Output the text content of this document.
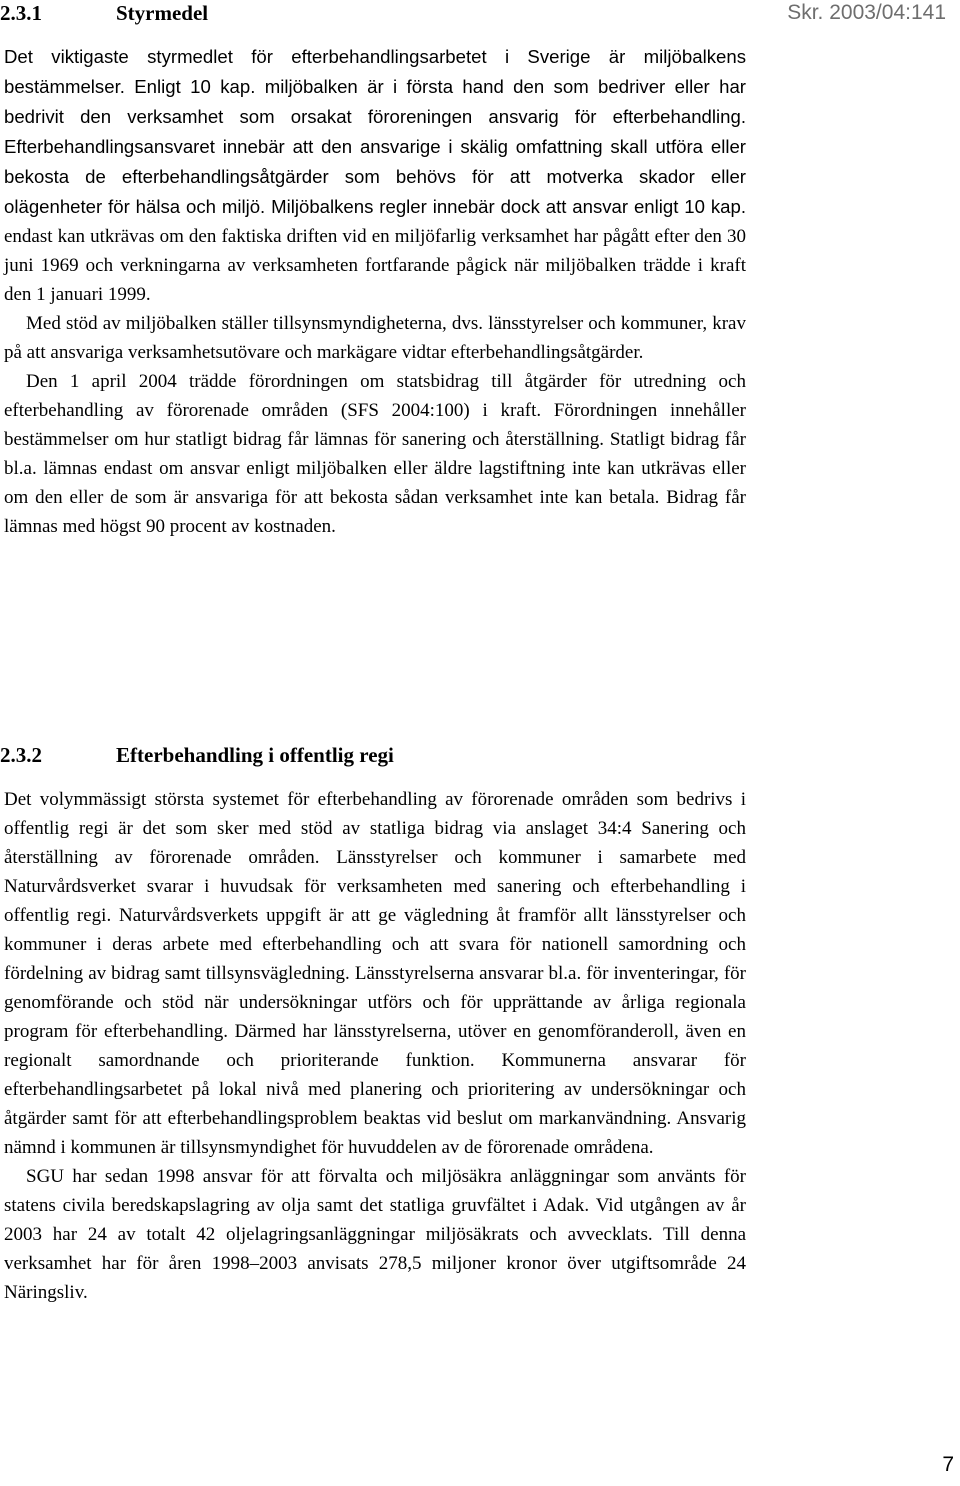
Skr. 2003/04:141
2.3.1	Styrmedel

Det viktigaste styrmedlet för efterbehandlingsarbetet i Sverige är miljöbalkens bestämmelser. Enligt 10 kap. miljöbalken är i första hand den som bedriver eller har bedrivit den verksamhet som orsakat föroreningen ansvarig för efterbehandling. Efterbehandlingsansvaret innebär att den ansvarige i skälig omfattning skall utföra eller bekosta de efterbehandlingsåtgärder som behövs för att motverka skador eller olägenheter för hälsa och miljö. Miljöbalkens regler innebär dock att ansvar enligt 10 kap. endast kan utkrävas om den faktiska driften vid en miljöfarlig verksamhet har pågått efter den 30 juni 1969 och verkningarna av verksamheten fortfarande pågick när miljöbalken trädde i kraft den 1 januari 1999.

Med stöd av miljöbalken ställer tillsynsmyndigheterna, dvs. länsstyrelser och kommuner, krav på att ansvariga verksamhetsutövare och markägare vidtar efterbehandlingsåtgärder.

Den 1 april 2004 trädde förordningen om statsbidrag till åtgärder för utredning och efterbehandling av förorenade områden (SFS 2004:100) i kraft. Förordningen innehåller bestämmelser om hur statligt bidrag får lämnas för sanering och återställning. Statligt bidrag får bl.a. lämnas endast om ansvar enligt miljöbalken eller äldre lagstiftning inte kan utkrävas eller om den eller de som är ansvariga för att bekosta sådan verksamhet inte kan betala. Bidrag får lämnas med högst 90 procent av kostnaden.

2.3.2	Efterbehandling i offentlig regi

Det volymmässigt största systemet för efterbehandling av förorenade områden som bedrivs i offentlig regi är det som sker med stöd av statliga bidrag via anslaget 34:4 Sanering och återställning av förorenade områden. Länsstyrelser och kommuner i samarbete med Naturvårdsverket svarar i huvudsak för verksamheten med sanering och efterbehandling i offentlig regi. Naturvårdsverkets uppgift är att ge vägledning åt framför allt länsstyrelser och kommuner i deras arbete med efterbehandling och att svara för nationell samordning och fördelning av bidrag samt tillsynsvägledning. Länsstyrelserna ansvarar bl.a. för inventeringar, för genomförande och stöd när undersökningar utförs och för upprättande av årliga regionala program för efterbehandling. Därmed har länsstyrelserna, utöver en genomföranderoll, även en regionalt samordnande och prioriterande funktion. Kommunerna ansvarar för efterbehandlingsarbetet på lokal nivå med planering och prioritering av undersökningar och åtgärder samt för att efterbehandlingsproblem beaktas vid beslut om markanvändning. Ansvarig nämnd i kommunen är tillsynsmyndighet för huvuddelen av de förorenade områdena.

SGU har sedan 1998 ansvar för att förvalta och miljösäkra anläggningar som använts för statens civila beredskapslagring av olja samt det statliga gruvfältet i Adak. Vid utgången av år 2003 har 24 av totalt 42 oljelagringsanläggningar miljösäkrats och avvecklats. Till denna verksamhet har för åren 1998–2003 anvisats 278,5 miljoner kronor över utgiftsområde 24 Näringsliv.

7
